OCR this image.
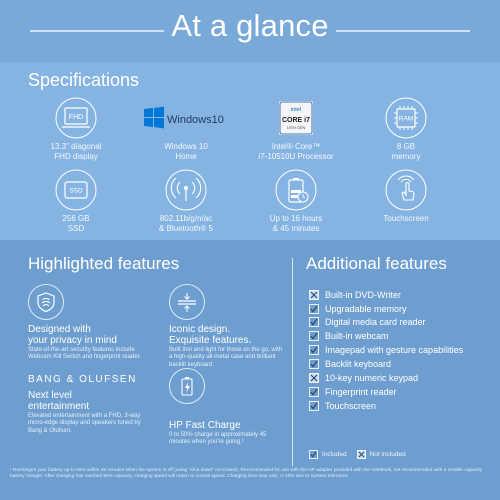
At a glance
Specifications
FHD
13.3" diagonal
FHD display
Windows10
Windows 10
Home
intel
CORE i7
10TH GEN
Intel® Core™
i7-10510U Processor
RAM
8 GB
memory
SSD
256 GB
SSD
802.11b/g/n/ac
& Bluetooth® 5
Up to 16 hours
& 45 minutes
Touchscreen
Highlighted features	Additional features
Designed with
your privacy in mind
State-of-the-art security features include Webcam Kill Switch and fingerprint reader.
Iconic design.
Exquisite features.
Built thin and light for those on the go, with a high-quality all-metal case and brilliant backlit keyboard.
BANG & OLUFSEN
Next level
entertainment
Elevated entertainment with a FHD, 3-way micro-edge display and speakers tuned by Bang & Olufsen.	HP Fast Charge
0 to 50% charge in approximately 45 minutes when you're going.¹
Built-in DVD-Writer
Upgradable memory
Digital media card reader
Built-in webcam
Imagepad with gesture capabilities
Backlit keyboard
10-key numeric keypad
Fingerprint reader
Touchscreen
Included	Not included
¹ Recharges your battery up to 50% within 45 minutes when the system is off (using "shut down" command). Recommended for use with the HP adapter provided with the notebook, not recommended with a smaller capacity battery charger. After charging has reached 50% capacity, charging speed will return to normal speed. Charging time may vary +/-10% due to System tolerance.
